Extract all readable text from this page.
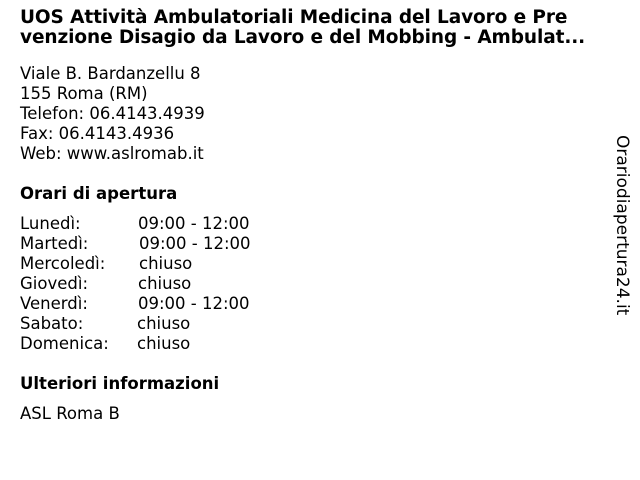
UOS Attività Ambulatoriali Medicina del Lavoro e Pre
venzione Disagio da Lavoro e del Mobbing - Ambulat...
Viale B. Bardanzellu 8
155 Roma (RM)
Telefon: 06.4143.4939
Fax: 06.4143.4936
Web: www.aslromab.it
Orari di apertura
Lunedì:	09:00 - 12:00
Martedì:	09:00 - 12:00
Mercoledì: chiuso
Giovedì:	chiuso
Venerdì:	09:00 - 12:00
Sabato:	chiuso
Domenica: chiuso
Ulteriori informazioni
ASL Roma B
Orariodiapertura24.it
